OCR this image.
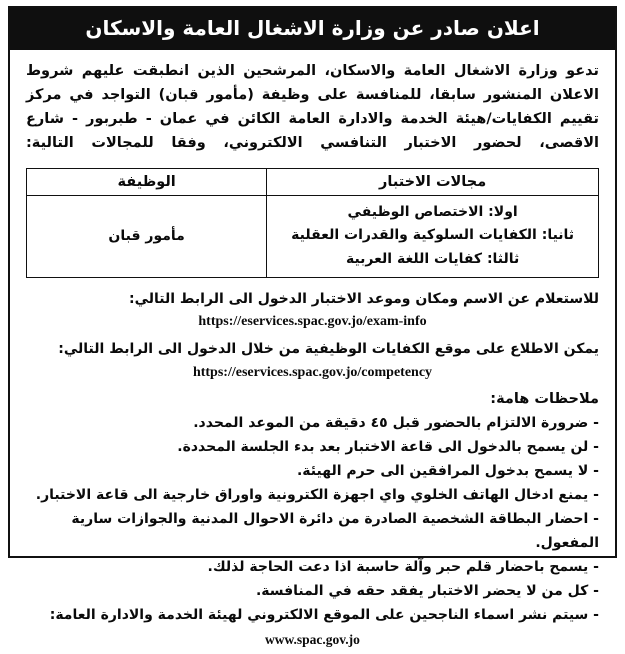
اعلان صادر عن وزارة الاشغال العامة والاسكان
تدعو وزارة الاشغال العامة والاسكان، المرشحين الذين انطبقت عليهم شروط الاعلان المنشور سابقا، للمنافسة على وظيفة (مأمور قبان) التواجد في مركز تقييم الكفايات/هيئة الخدمة والادارة العامة الكائن في عمان - طبربور - شارع الاقصى، لحضور الاختبار التنافسي الالكتروني، وفقا للمجالات التالية:
مجالات الاختبار	الوظيفة

اولا: الاختصاص الوظيفي
ثانيا: الكفايات السلوكية والقدرات العقلية
ثالثا: كفايات اللغة العربية	مأمور قبان
للاستعلام عن الاسم ومكان وموعد الاختبار الدخول الى الرابط التالي:
https://eservices.spac.gov.jo/exam-info
يمكن الاطلاع على موقع الكفايات الوظيفية من خلال الدخول الى الرابط التالي:
https://eservices.spac.gov.jo/competency
ملاحظات هامة:
- ضرورة الالتزام بالحضور قبل ٤٥ دقيقة من الموعد المحدد.
- لن يسمح بالدخول الى قاعة الاختبار بعد بدء الجلسة المحددة.
- لا يسمح بدخول المرافقين الى حرم الهيئة.
- يمنع ادخال الهاتف الخلوي واي اجهزة الكترونية واوراق خارجية الى قاعة الاختبار.
- احضار البطاقة الشخصية الصادرة من دائرة الاحوال المدنية والجوازات سارية المفعول.
- يسمح باحضار قلم حبر وآلة حاسبة اذا دعت الحاجة لذلك.
- كل من لا يحضر الاختبار يفقد حقه في المنافسة.
- سيتم نشر اسماء الناجحين على الموقع الالكتروني لهيئة الخدمة والادارة العامة:
www.spac.gov.jo
